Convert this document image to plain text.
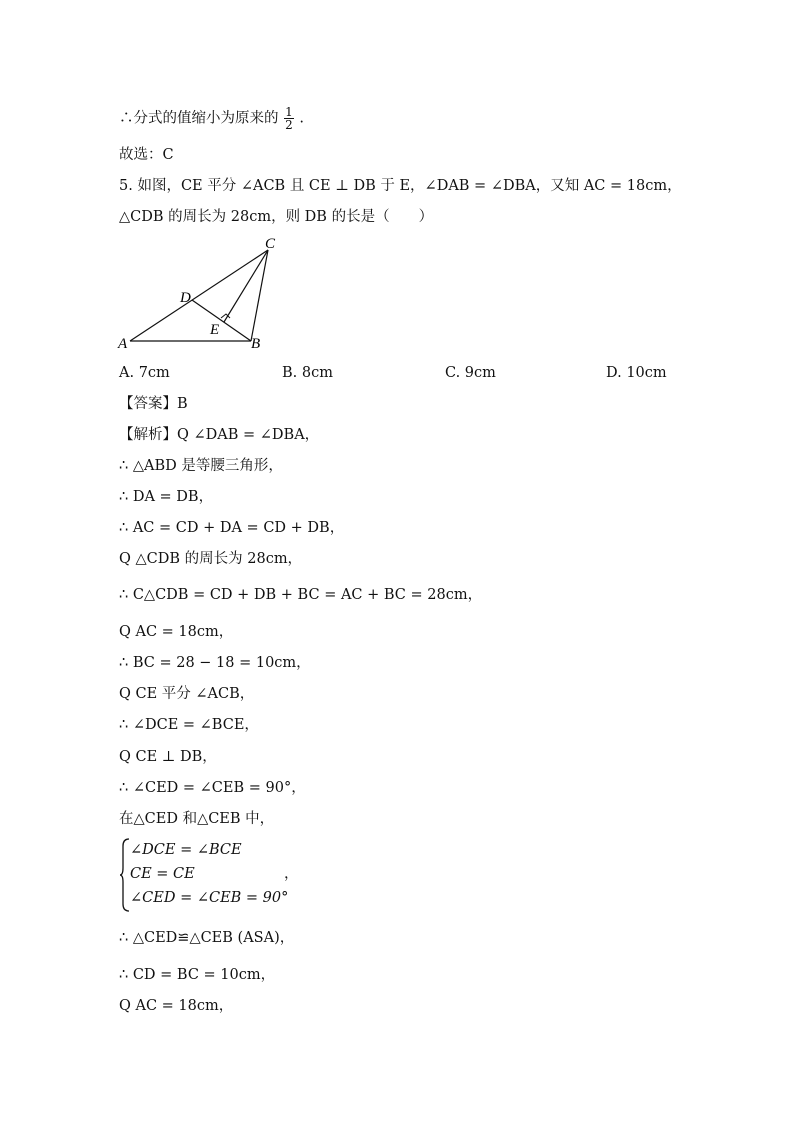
∴分式的值缩小为原来的 $\frac{1}{2}$ .
故选：C
5. 如图，CE 平分 ∠ACB 且 CE ⊥ DB 于 E，∠DAB = ∠DBA，又知 AC = 18cm，
△CDB 的周长为 28cm，则 DB 的长是（　　）
C
D
E
A	B
A. 7cm	B. 8cm	C. 9cm	D. 10cm
【答案】B
【解析】Q ∠DAB = ∠DBA，
∴ △ABD 是等腰三角形，
∴ DA = DB，
∴ AC = CD + DA = CD + DB，
Q △CDB 的周长为 28cm，
∴ C△CDB = CD + DB + BC = AC + BC = 28cm，
Q AC = 18cm，
∴ BC = 28 − 18 = 10cm，
Q CE 平分 ∠ACB，
∴ ∠DCE = ∠BCE，
Q CE ⊥ DB，
∴ ∠CED = ∠CEB = 90°，
在△CED 和△CEB 中，
∠DCE = ∠BCE
CE = CE
∠CED = ∠CEB = 90°
，
∴ △CED≌△CEB (ASA)，
∴ CD = BC = 10cm，
Q AC = 18cm，
